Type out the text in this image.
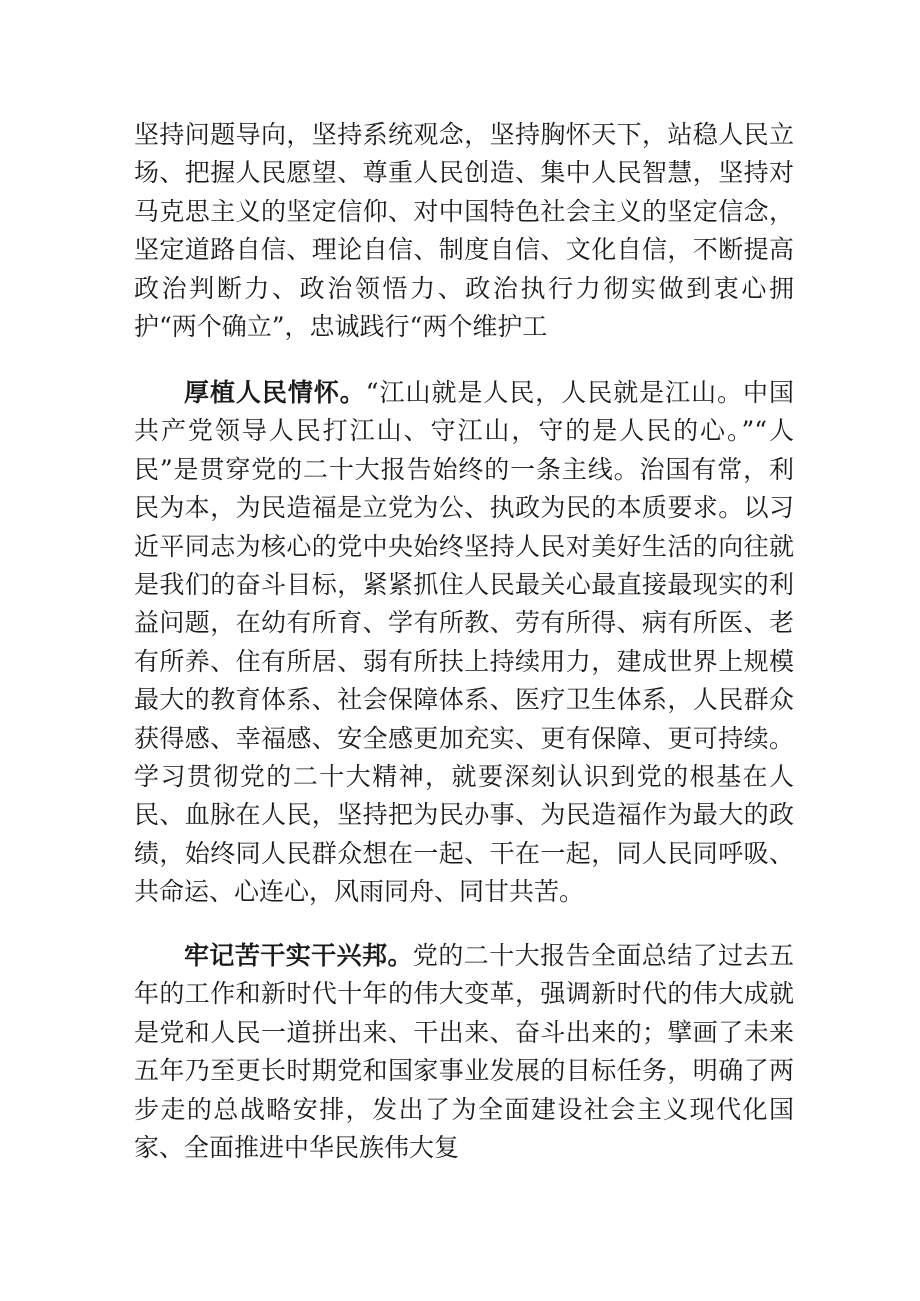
坚持问题导向，坚持系统观念，坚持胸怀天下，站稳人民立场、把握人民愿望、尊重人民创造、集中人民智慧，坚持对马克思主义的坚定信仰、对中国特色社会主义的坚定信念，坚定道路自信、理论自信、制度自信、文化自信，不断提高政治判断力、政治领悟力、政治执行力彻实做到衷心拥护“两个确立”，忠诚践行“两个维护工

厚植人民情怀。“江山就是人民，人民就是江山。中国共产党领导人民打江山、守江山，守的是人民的心。”“人民”是贯穿党的二十大报告始终的一条主线。治国有常，利民为本，为民造福是立党为公、执政为民的本质要求。以习近平同志为核心的党中央始终坚持人民对美好生活的向往就是我们的奋斗目标，紧紧抓住人民最关心最直接最现实的利益问题，在幼有所育、学有所教、劳有所得、病有所医、老有所养、住有所居、弱有所扶上持续用力，建成世界上规模最大的教育体系、社会保障体系、医疗卫生体系，人民群众获得感、幸福感、安全感更加充实、更有保障、更可持续。学习贯彻党的二十大精神，就要深刻认识到党的根基在人民、血脉在人民，坚持把为民办事、为民造福作为最大的政绩，始终同人民群众想在一起、干在一起，同人民同呼吸、共命运、心连心，风雨同舟、同甘共苦。

牢记苦干实干兴邦。党的二十大报告全面总结了过去五年的工作和新时代十年的伟大变革，强调新时代的伟大成就是党和人民一道拼出来、干出来、奋斗出来的；擘画了未来五年乃至更长时期党和国家事业发展的目标任务，明确了两步走的总战略安排，发出了为全面建设社会主义现代化国家、全面推进中华民族伟大复
